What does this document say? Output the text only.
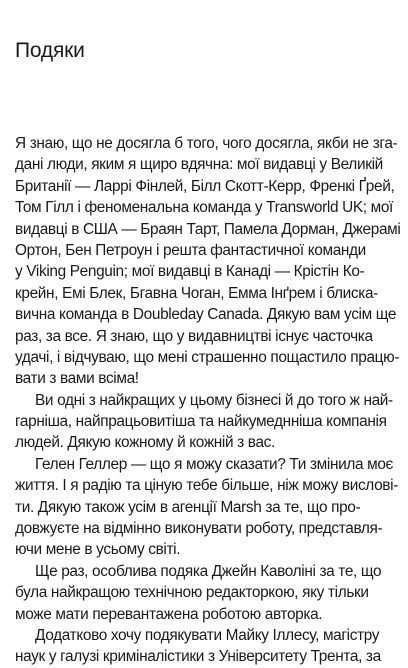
Подяки
Я знаю, що не досягла б того, чого досягла, якби не зга-
дані люди, яким я щиро вдячна: мої видавці у Великій
Британії — Ларрі Фінлей, Білл Скотт-Керр, Френкі Ґрей,
Том Гілл і феноменальна команда у Transworld UK; мої
видавці в США — Браян Тарт, Памела Дорман, Джерамі
Ортон, Бен Петроун і решта фантастичної команди
у Viking Penguin; мої видавці в Канаді — Крістін Ко-
крейн, Емі Блек, Бгавна Чоган, Емма Інґрем і блиска-
вична команда в Doubleday Canada. Дякую вам усім ще
раз, за все. Я знаю, що у видавництві існує часточка
удачі, і відчуваю, що мені страшенно пощастило працю-
вати з вами всіма!
Ви одні з найкращих у цьому бізнесі й до того ж най-
гарніша, найпрацьовитіша та найкумеднніша компанія
людей. Дякую кожному й кожній з вас.
Гелен Геллер — що я можу сказати? Ти змінила моє
життя. І я радію та ціную тебе більше, ніж можу вислові-
ти. Дякую також усім в агенції Marsh за те, що про-
довжуєте на відмінно виконувати роботу, представля-
ючи мене в усьому світі.
Ще раз, особлива подяка Джейн Каволіні за те, що
була найкращою технічною редакторкою, яку тільки
може мати перевантажена роботою авторка.
Додатково хочу подякувати Майку Іллесу, магістру
наук у галузі криміналістики з Університету Трента, за
